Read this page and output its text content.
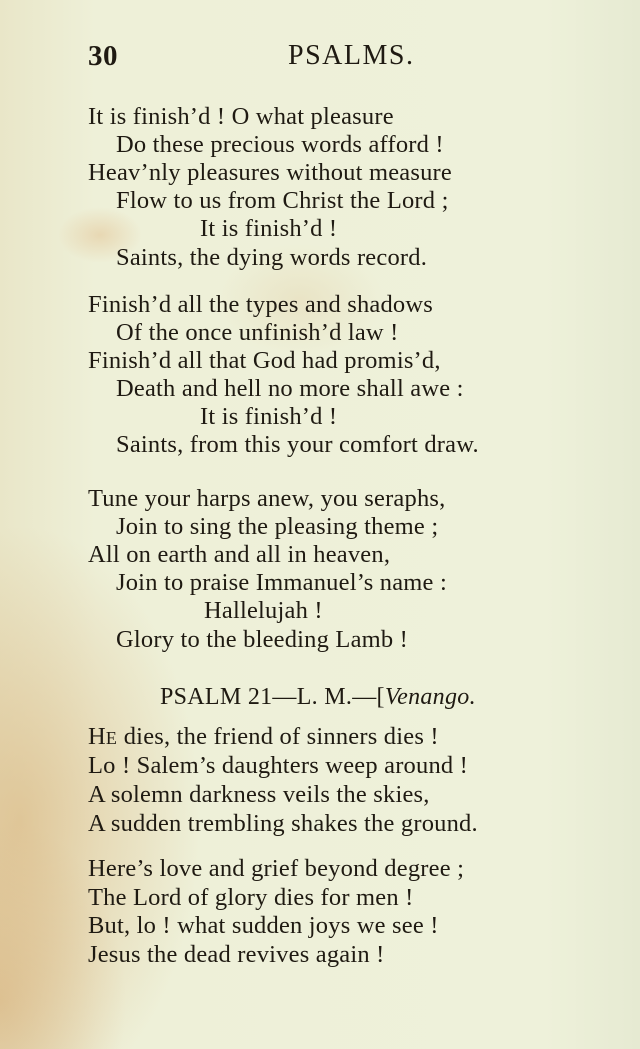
30	PSALMS.
It is finish’d ! O what pleasure
Do these precious words afford !
Heav’nly pleasures without measure
Flow to us from Christ the Lord ;
It is finish’d !
Saints, the dying words record.
Finish’d all the types and shadows
Of the once unfinish’d law !
Finish’d all that God had promis’d,
Death and hell no more shall awe :
It is finish’d !
Saints, from this your comfort draw.
Tune your harps anew, you seraphs,
Join to sing the pleasing theme ;
All on earth and all in heaven,
Join to praise Immanuel’s name :
Hallelujah !
Glory to the bleeding Lamb !
PSALM 21—L. M.—[Venango.
HE dies, the friend of sinners dies !
Lo ! Salem’s daughters weep around !
A solemn darkness veils the skies,
A sudden trembling shakes the ground.
Here’s love and grief beyond degree ;
The Lord of glory dies for men !
But, lo ! what sudden joys we see !
Jesus the dead revives again !
